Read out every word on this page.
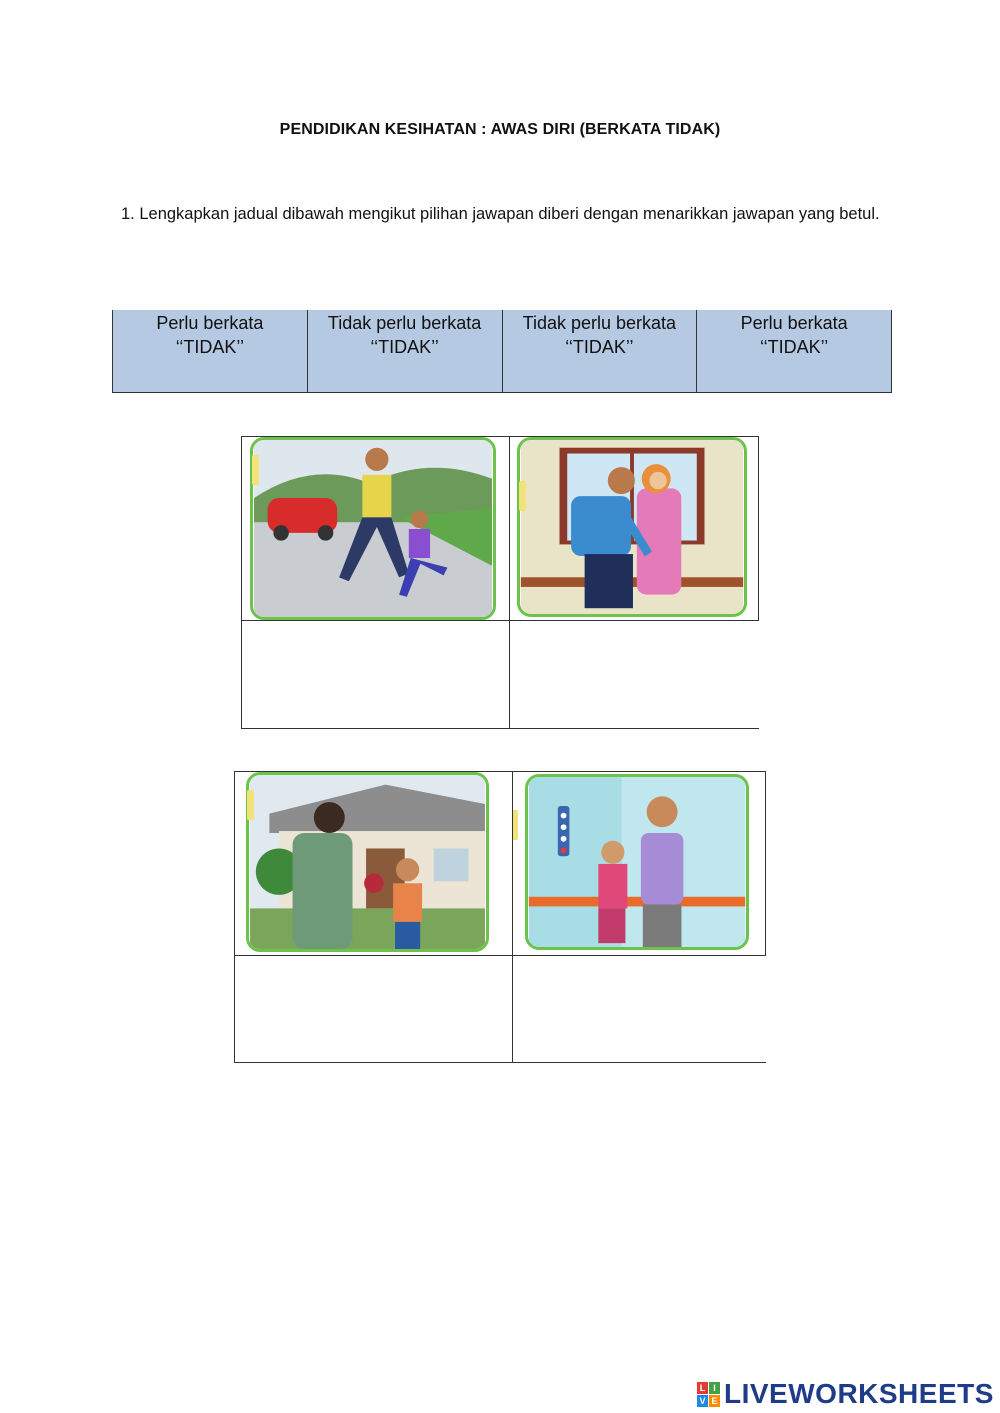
PENDIDIKAN KESIHATAN : AWAS DIRI (BERKATA TIDAK)
1. Lengkapkan jadual dibawah mengikut pilihan jawapan diberi dengan menarikkan jawapan yang betul.
Perlu berkata
‘‘TIDAK’’
Tidak perlu berkata
‘‘TIDAK’’
Tidak perlu berkata
‘‘TIDAK’’
Perlu berkata
‘‘TIDAK’’
L I
V E LIVEWORKSHEETS
